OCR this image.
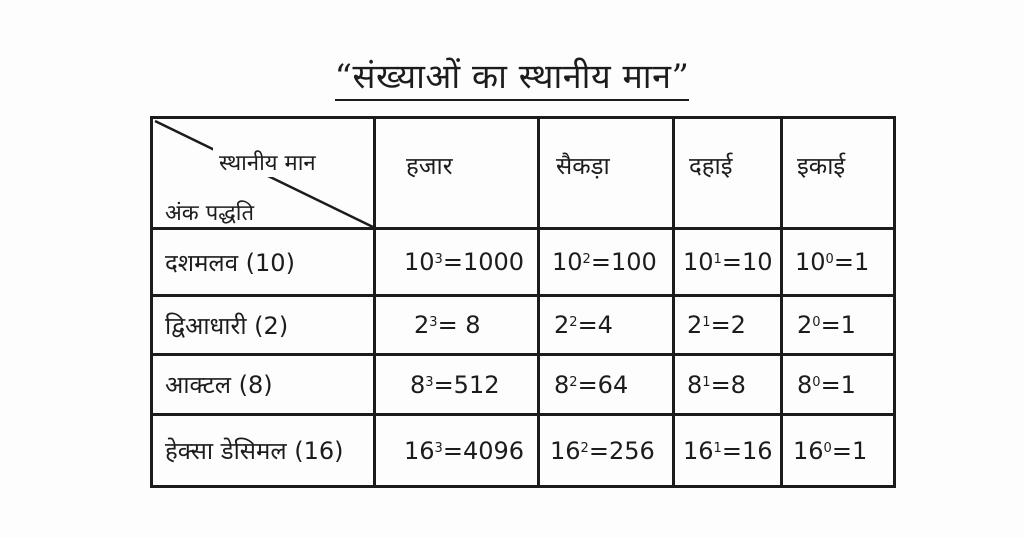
“संख्याओं का स्थानीय मान”
स्थानीय मान
अंक पद्धति
हजार	सैकड़ा	दहाई	इकाई
दशमलव (10)	$10^3 =1000$ $10^2 =100$ $10^1 =10$ $10^0 =1$
द्विआधारी (2)	$2^3 = 8$	$2^2 =4$	$2^1 =2$ $2^0 =1$
आक्टल (8)	$8^3 =512$ $8^2 =64$ $8^1 =8$ $8^0 =1$
हेक्सा डेसिमल (16)	$16^3 =4096$ $16^2 =256$ $16^1 =16$ $16^0 =1$
